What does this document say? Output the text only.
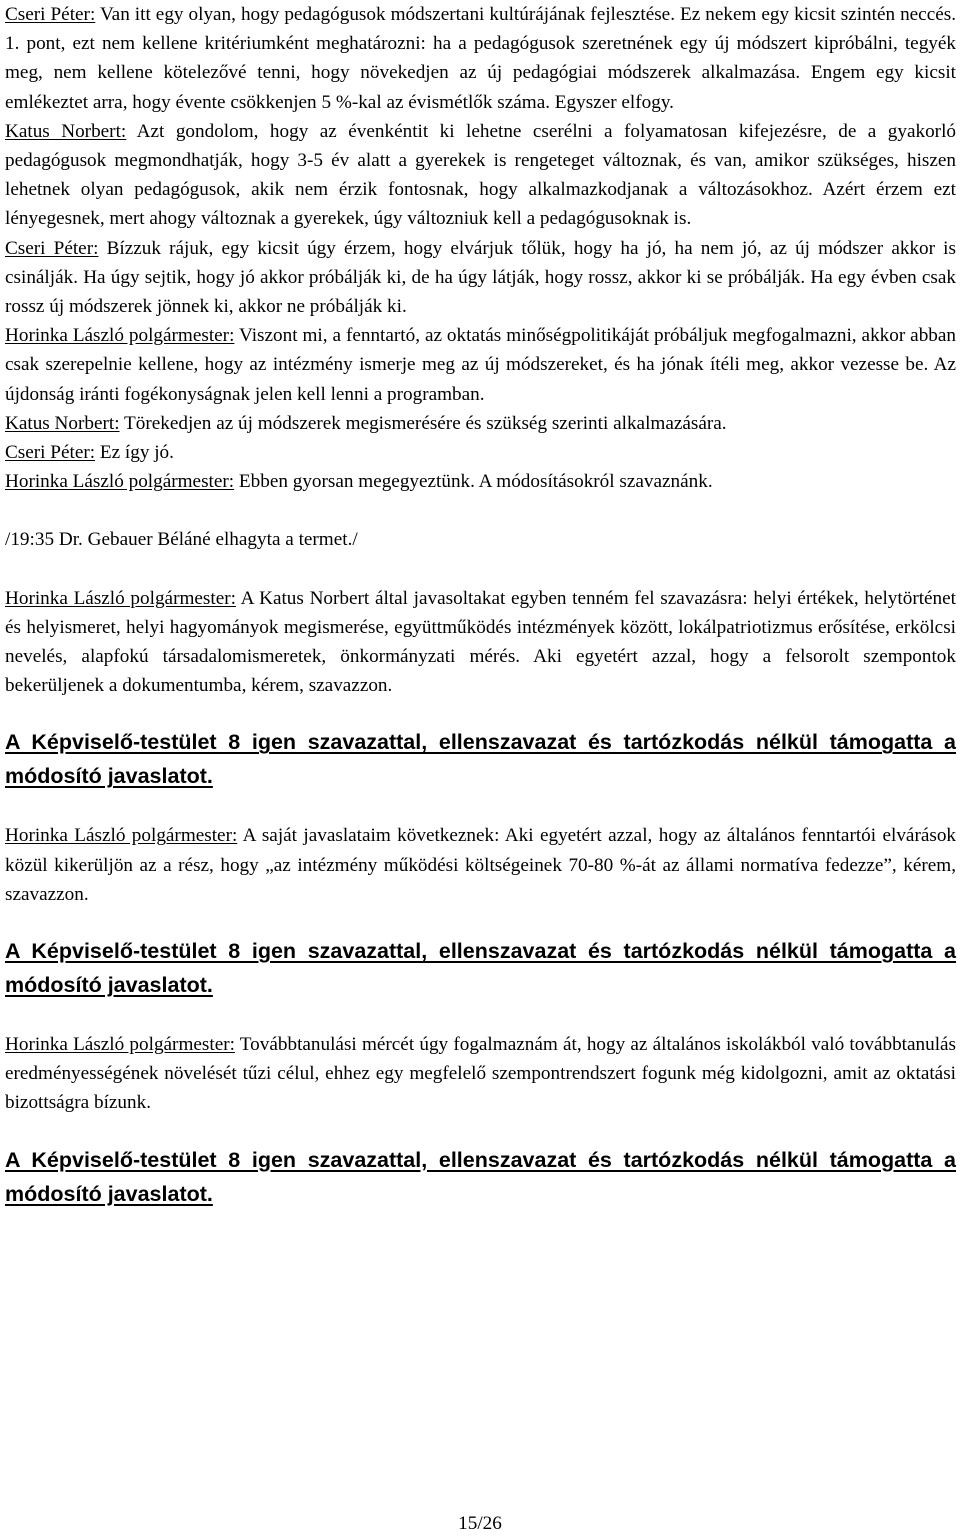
Cseri Péter: Van itt egy olyan, hogy pedagógusok módszertani kultúrájának fejlesztése. Ez nekem egy kicsit szintén neccés. 1. pont, ezt nem kellene kritériumként meghatározni: ha a pedagógusok szeretnének egy új módszert kipróbálni, tegyék meg, nem kellene kötelezővé tenni, hogy növekedjen az új pedagógiai módszerek alkalmazása. Engem egy kicsit emlékeztet arra, hogy évente csökkenjen 5 %-kal az évismétlők száma. Egyszer elfogy.

Katus Norbert: Azt gondolom, hogy az évenkéntit ki lehetne cserélni a folyamatosan kifejezésre, de a gyakorló pedagógusok megmondhatják, hogy 3-5 év alatt a gyerekek is rengeteget változnak, és van, amikor szükséges, hiszen lehetnek olyan pedagógusok, akik nem érzik fontosnak, hogy alkalmazkodjanak a változásokhoz. Azért érzem ezt lényegesnek, mert ahogy változnak a gyerekek, úgy változniuk kell a pedagógusoknak is.

Cseri Péter: Bízzuk rájuk, egy kicsit úgy érzem, hogy elvárjuk tőlük, hogy ha jó, ha nem jó, az új módszer akkor is csinálják. Ha úgy sejtik, hogy jó akkor próbálják ki, de ha úgy látják, hogy rossz, akkor ki se próbálják. Ha egy évben csak rossz új módszerek jönnek ki, akkor ne próbálják ki.

Horinka László polgármester: Viszont mi, a fenntartó, az oktatás minőségpolitikáját próbáljuk megfogalmazni, akkor abban csak szerepelnie kellene, hogy az intézmény ismerje meg az új módszereket, és ha jónak ítéli meg, akkor vezesse be. Az újdonság iránti fogékonyságnak jelen kell lenni a programban.

Katus Norbert: Törekedjen az új módszerek megismerésére és szükség szerinti alkalmazására.

Cseri Péter: Ez így jó.

Horinka László polgármester: Ebben gyorsan megegyeztünk. A módosításokról szavaznánk.

/19:35 Dr. Gebauer Béláné elhagyta a termet./

Horinka László polgármester: A Katus Norbert által javasoltakat egyben tenném fel szavazásra: helyi értékek, helytörténet és helyismeret, helyi hagyományok megismerése, együttműködés intézmények között, lokálpatriotizmus erősítése, erkölcsi nevelés, alapfokú társadalomismeretek, önkormányzati mérés. Aki egyetért azzal, hogy a felsorolt szempontok bekerüljenek a dokumentumba, kérem, szavazzon.

A Képviselő-testület 8 igen szavazattal, ellenszavazat és tartózkodás nélkül támogatta a módosító javaslatot.

Horinka László polgármester: A saját javaslataim következnek: Aki egyetért azzal, hogy az általános fenntartói elvárások közül kikerüljön az a rész, hogy „az intézmény működési költségeinek 70-80 %-át az állami normatíva fedezze”, kérem, szavazzon.

A Képviselő-testület 8 igen szavazattal, ellenszavazat és tartózkodás nélkül támogatta a módosító javaslatot.

Horinka László polgármester: Továbbtanulási mércét úgy fogalmaznám át, hogy az általános iskolákból való továbbtanulás eredményességének növelését tűzi célul, ehhez egy megfelelő szempontrendszert fogunk még kidolgozni, amit az oktatási bizottságra bízunk.

A Képviselő-testület 8 igen szavazattal, ellenszavazat és tartózkodás nélkül támogatta a módosító javaslatot.

15/26
